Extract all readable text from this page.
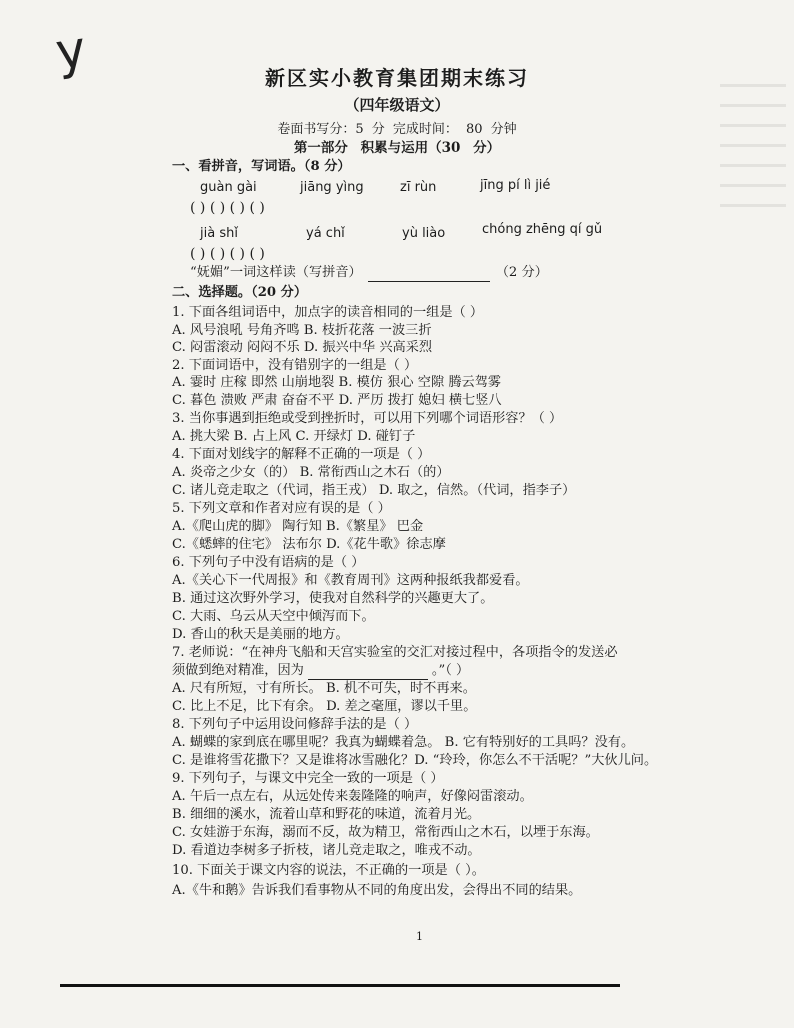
y	新区实小教育集团期末练习
（四年级语文）
卷面书写分：5 分 完成时间： 80 分钟
第一部分 积累与运用（30 分）
一、看拼音，写词语。（8 分）
guàn gài	jiāng yìng	zī rùn	jīng pí lì jié
( ) ( ) ( ) ( )
jià shǐ	yá chǐ	yù liào	chóng zhēng qí gǔ
( ) ( ) ( ) ( )
“妩媚”一词这样读（写拼音）	（2 分）
二、选择题。（20 分）
1. 下面各组词语中，加点字的读音相同的一组是（ ）
A. 风号浪吼 号角齐鸣 B. 枝折花落 一波三折
C. 闷雷滚动 闷闷不乐 D. 振兴中华 兴高采烈
2. 下面词语中，没有错别字的一组是（ ）
A. 霎时 庄稼 即然 山崩地裂 B. 模仿 狠心 空隙 腾云驾雾
C. 暮色 溃败 严肃 奋奋不平 D. 严历 拨打 媳妇 横七竖八
3. 当你事遇到拒绝或受到挫折时，可以用下列哪个词语形容？（ ）
A. 挑大梁 B. 占上风 C. 开绿灯 D. 碰钉子
4. 下面对划线字的解释不正确的一项是（ ）
A. 炎帝之少女（的） B. 常衔西山之木石（的）
C. 诸儿竞走取之（代词，指王戎） D. 取之，信然。（代词，指李子）
5. 下列文章和作者对应有误的是（ ）
A.《爬山虎的脚》 陶行知 B.《繁星》 巴金
C.《蟋蟀的住宅》 法布尔 D.《花牛歌》徐志摩
6. 下列句子中没有语病的是（ ）
A.《关心下一代周报》和《教育周刊》这两种报纸我都爱看。
B. 通过这次野外学习，使我对自然科学的兴趣更大了。
C. 大雨、乌云从天空中倾泻而下。
D. 香山的秋天是美丽的地方。
7. 老师说：“在神舟飞船和天宫实验室的交汇对接过程中，各项指令的发送必
须做到绝对精准，因为	。”（ ）
A. 尺有所短，寸有所长。 B. 机不可失，时不再来。
C. 比上不足，比下有余。 D. 差之毫厘，谬以千里。
8. 下列句子中运用设问修辞手法的是（ ）
A. 蝴蝶的家到底在哪里呢？我真为蝴蝶着急。 B. 它有特别好的工具吗？没有。
C. 是谁将雪花撒下？又是谁将冰雪融化？D. “玲玲，你怎么不干活呢？”大伙儿问。
9. 下列句子，与课文中完全一致的一项是（ ）
A. 午后一点左右，从远处传来轰隆隆的响声，好像闷雷滚动。
B. 细细的溪水，流着山草和野花的味道，流着月光。
C. 女娃游于东海，溺而不反，故为精卫，常衔西山之木石，以堙于东海。
D. 看道边李树多子折枝，诸儿竞走取之，唯戎不动。
10. 下面关于课文内容的说法，不正确的一项是（ ）。
A.《牛和鹅》告诉我们看事物从不同的角度出发，会得出不同的结果。
1
